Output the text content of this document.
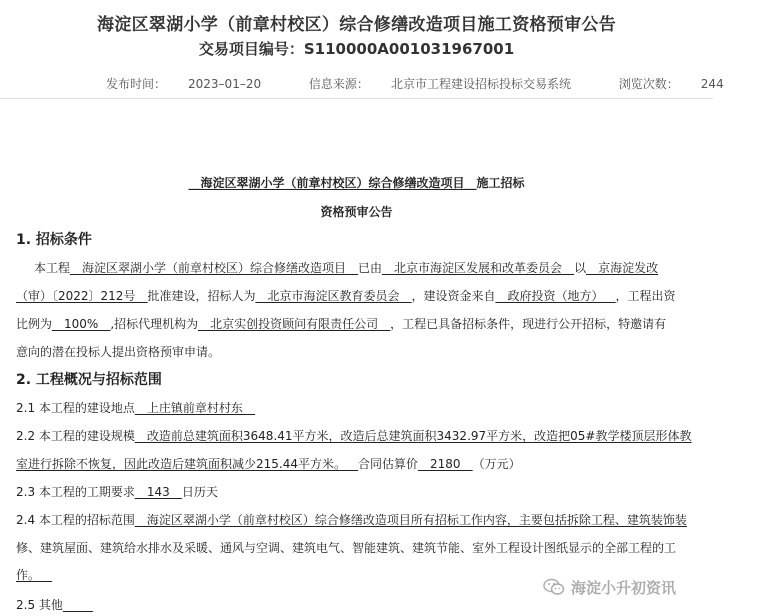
海淀区翠湖小学（前章村校区）综合修缮改造项目施工资格预审公告
交易项目编号：S110000A001031967001
发布时间： 2023–01–20	信息来源： 北京市工程建设招标投标交易系统	浏览次数： 244
__海淀区翠湖小学（前章村校区）综合修缮改造项目__施工招标
资格预审公告
1. 招标条件
本工程__海淀区翠湖小学（前章村校区）综合修缮改造项目__已由__北京市海淀区发展和改革委员会__以__京海淀发改
（审）〔2022〕212号__批准建设，招标人为__北京市海淀区教育委员会__，建设资金来自__政府投资（地方）__，工程出资
比例为__100%__,招标代理机构为__北京实创投资顾问有限责任公司__，工程已具备招标条件，现进行公开招标，特邀请有
意向的潜在投标人提出资格预审申请。
2. 工程概况与招标范围
2.1 本工程的建设地点__上庄镇前章村村东__
2.2 本工程的建设规模__改造前总建筑面积3648.41平方米，改造后总建筑面积3432.97平方米，改造把05#教学楼顶层形体教
室进行拆除不恢复，因此改造后建筑面积减少215.44平方米。__合同估算价__2180__（万元）
2.3 本工程的工期要求__143__日历天
2.4 本工程的招标范围__海淀区翠湖小学（前章村校区）综合修缮改造项目所有招标工作内容，主要包括拆除工程、建筑装饰装
修、建筑屋面、建筑给水排水及采暖、通风与空调、建筑电气、智能建筑、建筑节能、室外工程设计图纸显示的全部工程的工
作。__
2.5 其他_____
海淀小升初资讯
